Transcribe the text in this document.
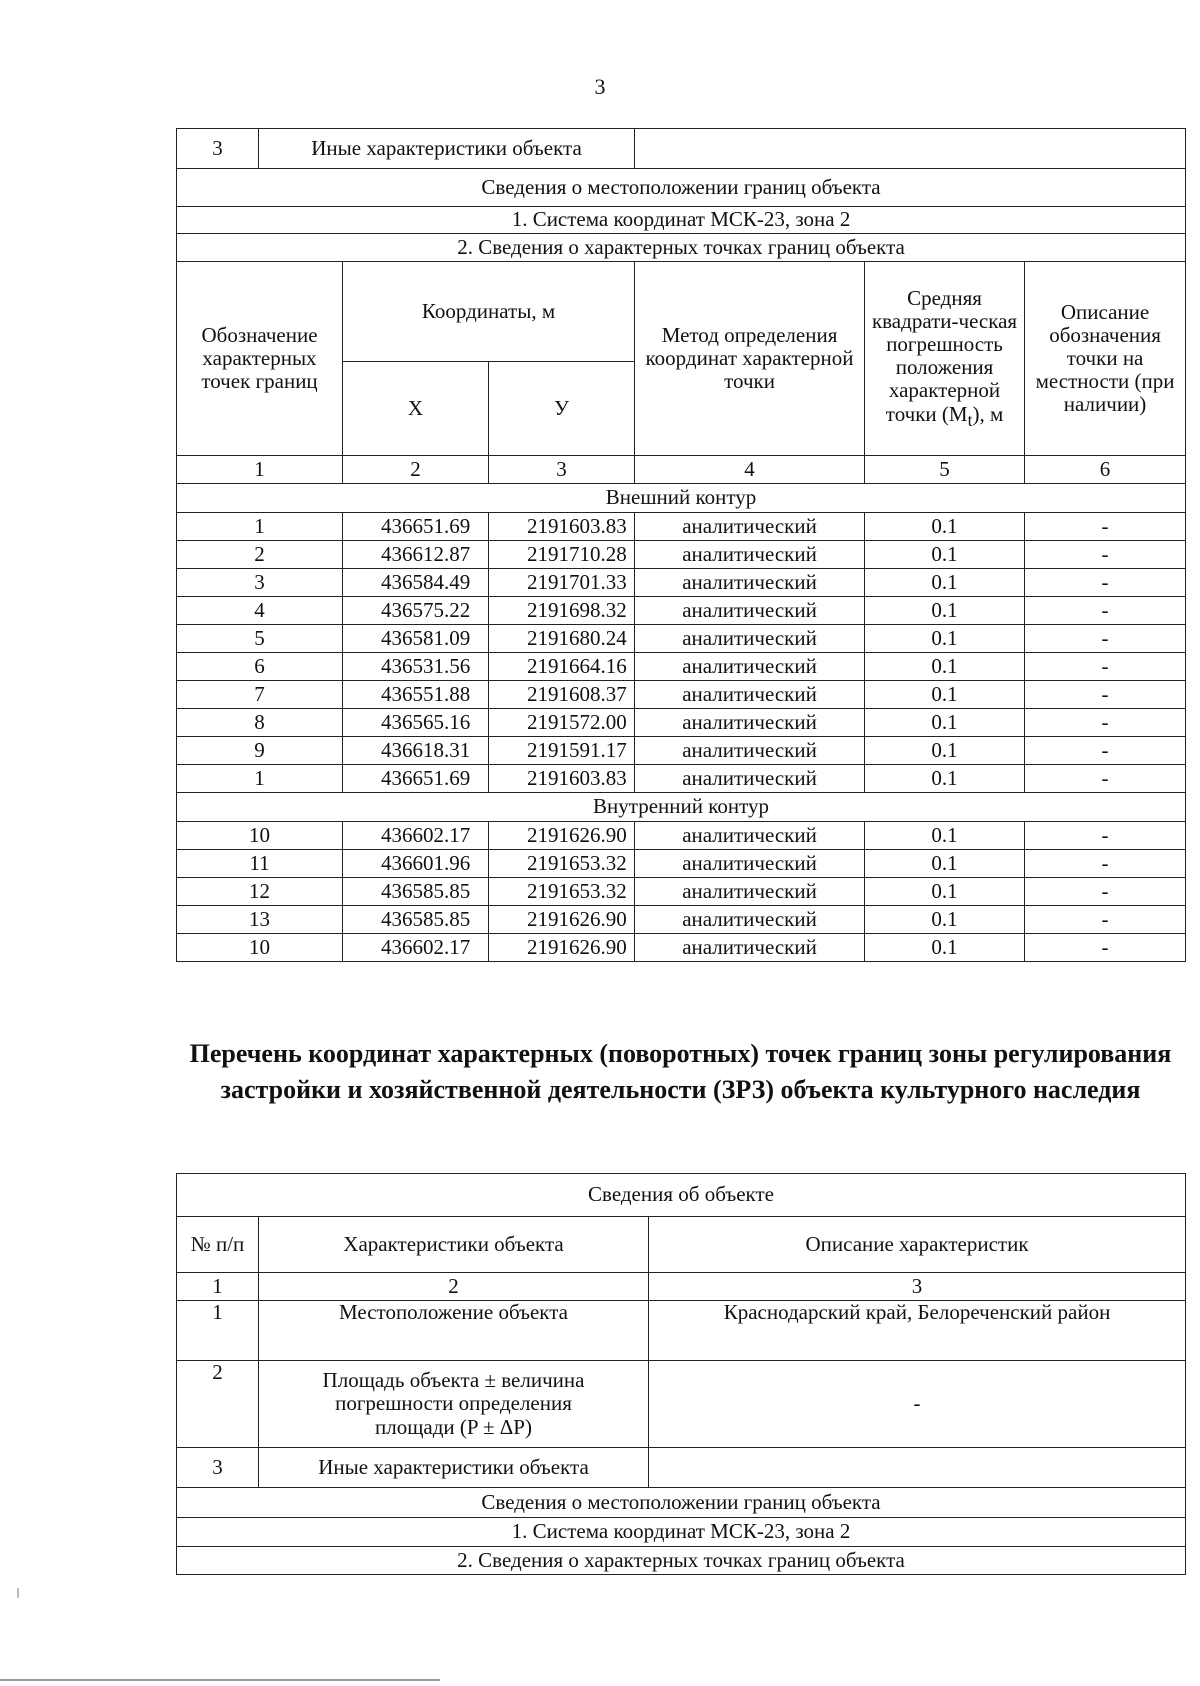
3
3	Иные характеристики объекта					
Сведения о местоположении границ объекта						
1. Система координат МСК-23, зона 2						
2. Сведения о характерных точках границ объекта						
Обозначение характерных точек границ		Координаты, м		Метод определения координат характерной точки	Средняя квадрати-ческая погрешность положения характерной точки $(M_t)$, м	Описание обозначения точки на местности (при наличии)
		X	У			
1		2	3	4	5	6
Внешний контур						
1		436651.69	2191603.83	аналитический	0.1	-
2		436612.87	2191710.28	аналитический	0.1	-
3		436584.49	2191701.33	аналитический	0.1	-
4		436575.22	2191698.32	аналитический	0.1	-
5		436581.09	2191680.24	аналитический	0.1	-
6		436531.56	2191664.16	аналитический	0.1	-
7		436551.88	2191608.37	аналитический	0.1	-
8		436565.16	2191572.00	аналитический	0.1	-
9		436618.31	2191591.17	аналитический	0.1	-
1		436651.69	2191603.83	аналитический	0.1	-
Внутренний контур						
10		436602.17	2191626.90	аналитический	0.1	-
11		436601.96	2191653.32	аналитический	0.1	-
12		436585.85	2191653.32	аналитический	0.1	-
13		436585.85	2191626.90	аналитический	0.1	-
10		436602.17	2191626.90	аналитический	0.1	-
Перечень координат характерных (поворотных) точек границ зоны регулирования застройки и хозяйственной деятельности (ЗРЗ) объекта культурного наследия
Сведения об объекте		
№ п/п	Характеристики объекта	Описание характеристик
1	2	3
1	Местоположение объекта	Краснодарский край, Белореченский район
2	Площадь объекта ± величина погрешности определения площади (P ± ΔP)	-
3	Иные характеристики объекта	
Сведения о местоположении границ объекта		
1. Система координат МСК-23, зона 2		
2. Сведения о характерных точках границ объекта		
